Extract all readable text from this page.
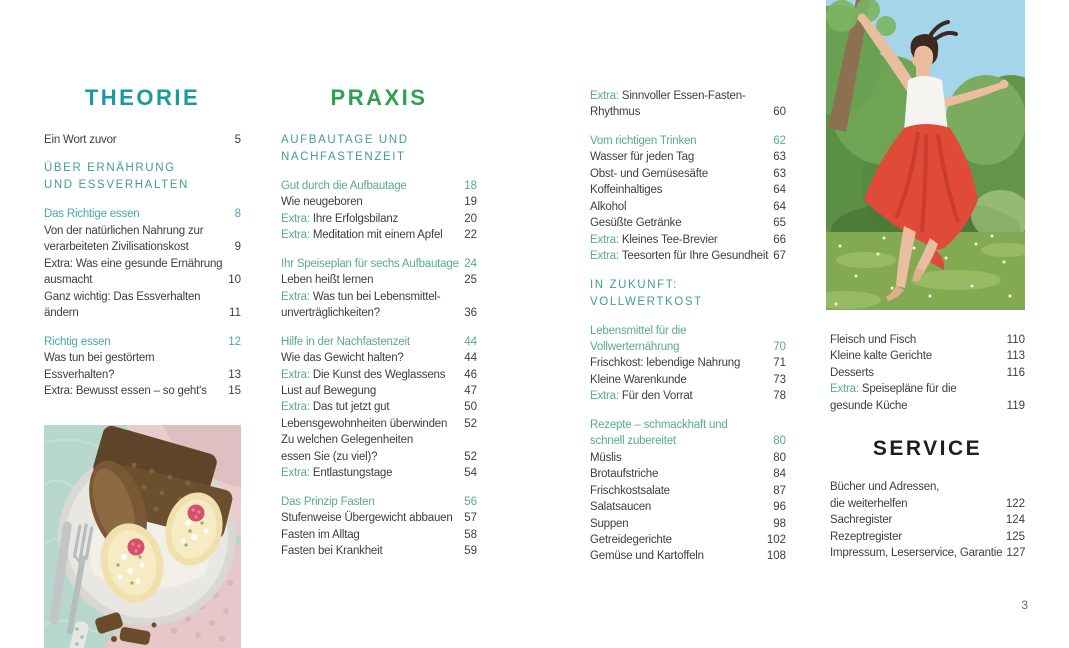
THEORIE
Ein Wort zuvor	5
ÜBER ERNÄHRUNG
UND ESSVERHALTEN
Das Richtige essen	8
Von der natürlichen Nahrung zur
verarbeiteten Zivilisationskost	9
Extra: Was eine gesunde Ernährung
ausmacht	10
Ganz wichtig: Das Essverhalten
ändern	11
Richtig essen	12
Was tun bei gestörtem
Essverhalten?	13
Extra: Bewusst essen – so geht's	15
PRAXIS
AUFBAUTAGE UND
NACHFASTENZEIT
Gut durch die Aufbautage	18
Wie neugeboren	19
Extra: Ihre Erfolgsbilanz	20
Extra: Meditation mit einem Apfel	22
Ihr Speiseplan für sechs Aufbautage 24
Leben heißt lernen	25
Extra: Was tun bei Lebensmittel-
unverträglichkeiten?	36
Hilfe in der Nachfastenzeit	44
Wie das Gewicht halten?	44
Extra: Die Kunst des Weglassens	46
Lust auf Bewegung	47
Extra: Das tut jetzt gut	50
Lebensgewohnheiten überwinden	52
Zu welchen Gelegenheiten
essen Sie (zu viel)?	52
Extra: Entlastungstage	54
Das Prinzip Fasten	56
Stufenweise Übergewicht abbauen	57
Fasten im Alltag	58
Fasten bei Krankheit	59
Extra: Sinnvoller Essen-Fasten-
Rhythmus	60
Vom richtigen Trinken	62
Wasser für jeden Tag	63
Obst- und Gemüsesäfte	63
Koffeinhaltiges	64
Alkohol	64
Gesüßte Getränke	65
Extra: Kleines Tee-Brevier	66
Extra: Teesorten für Ihre Gesundheit 67
IN ZUKUNFT:
VOLLWERTKOST
Lebensmittel für die
Vollwerternährung	70
Frischkost: lebendige Nahrung	71
Kleine Warenkunde	73
Extra: Für den Vorrat	78
Rezepte – schmackhaft und
schnell zubereitet	80
Müslis	80
Brotaufstriche	84
Frischkostsalate	87
Salatsaucen	96
Suppen	98
Getreidegerichte	102
Gemüse und Kartoffeln	108
Fleisch und Fisch	110
Kleine kalte Gerichte	113
Desserts	116
Extra: Speisepläne für die
gesunde Küche	119
SERVICE
Bücher und Adressen,
die weiterhelfen	122
Sachregister	124
Rezeptregister	125
Impressum, Leserservice, Garantie 127
3
